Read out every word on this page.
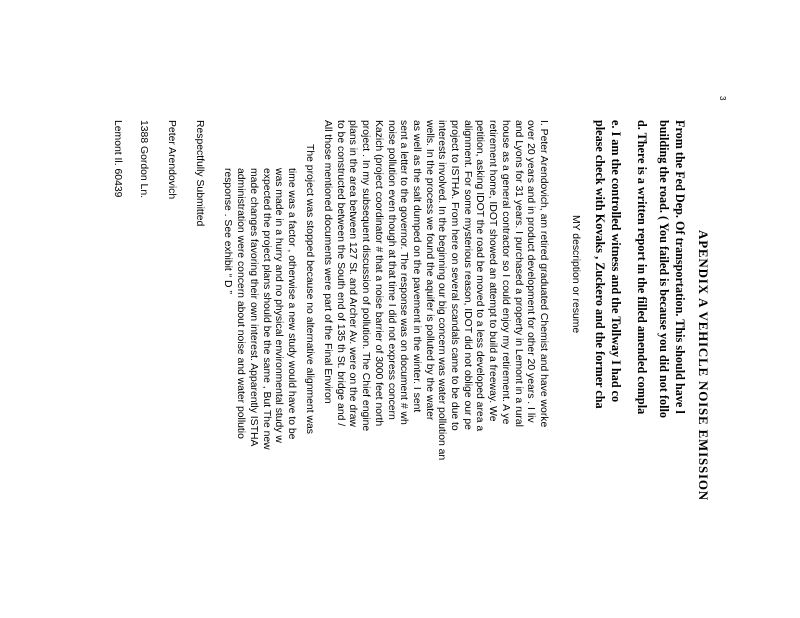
3
APENDIX A VEHICLE NOISE EMISSION
From the Fed Dep. Of transportation. This should have l
building the road. ( You failed is because you did not follo
d. There is a written report in the filled amended compla
e. I am the controlled witness and the Tollway I had co
please check with Kovaks , Zuckero and the former cha
MY description or resume
I. Peter Arendovich, am retired graduated Chemist and have worke
over 20 years and in product development for other 20 years . I liv
and Lyons for 31 years. I purchased a property in Lemont in a rural
house as a general contractor so I could enjoy my retirement. A ye
retirement home, IDOT showed an attempt to build a freeway. We
petition, asking IDOT the road be moved to a less developed area a
alignment. For some mysterious reason, IDOT did not oblige our pe
project to ISTHA. From here on several scandals came to be due to
interests involved. In the beginning our big concern was water pollution an
wells. In the process we found the aquifer is polluted by the water
as well as the salt dumped on the pavement in the winter. I sent
sent a letter to the governor. The response was on document # wh
noise pollution even though at that time I did not express concern
Kazich (project coordinator # that a noise barrier of 3000 feet north
project . In my subsequent discussion of pollution. The Chief engine
plans in the area between 127 St. and Archer Av. were on the draw
to be constructed between the South end of 135 th St. bridge and /
All those mentioned documents were part of the Final Environ
The project was stopped because no alternative alignment was
time was a factor , otherwise a new study would have to be
was made in a hurry and no physical environmental study w
expected the project plans should be the same , But The new
made changes favoring their own interest. Apparently ISTHA
administration were concern about noise and water pollutio
response . See exhibit “ D ”
Respectfully Submitted
Peter Arendovich
1388 Gordon Ln.
Lemont Il. 60439
